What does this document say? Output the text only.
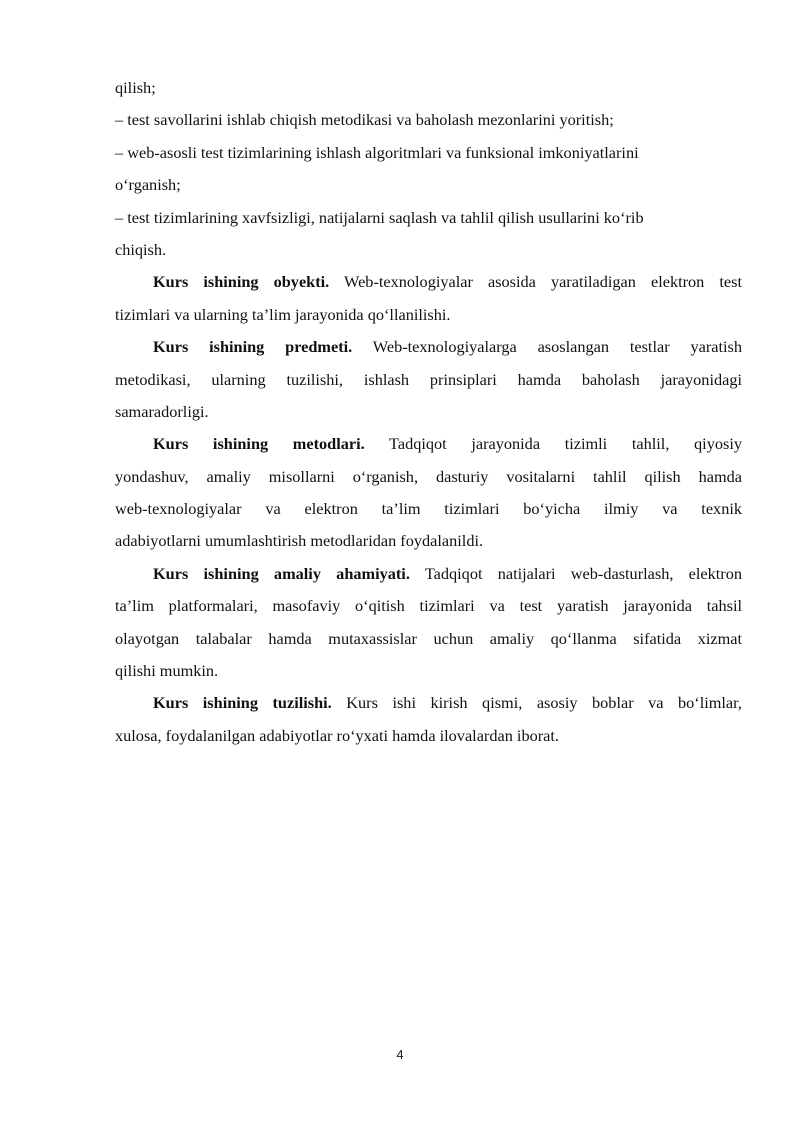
qilish;
– test savollarini ishlab chiqish metodikasi va baholash mezonlarini yoritish;
– web-asosli test tizimlarining ishlash algoritmlari va funksional imkoniyatlarini
o‘rganish;
– test tizimlarining xavfsizligi, natijalarni saqlash va tahlil qilish usullarini ko‘rib
chiqish.
Kurs ishining obyekti. Web-texnologiyalar asosida yaratiladigan elektron test
tizimlari va ularning ta’lim jarayonida qo‘llanilishi.
Kurs ishining predmeti. Web-texnologiyalarga asoslangan testlar yaratish
metodikasi, ularning tuzilishi, ishlash prinsiplari hamda baholash jarayonidagi
samaradorligi.
Kurs ishining metodlari. Tadqiqot jarayonida tizimli tahlil, qiyosiy
yondashuv, amaliy misollarni o‘rganish, dasturiy vositalarni tahlil qilish hamda
web-texnologiyalar va elektron ta’lim tizimlari bo‘yicha ilmiy va texnik
adabiyotlarni umumlashtirish metodlaridan foydalanildi.
Kurs ishining amaliy ahamiyati. Tadqiqot natijalari web-dasturlash, elektron
ta’lim platformalari, masofaviy o‘qitish tizimlari va test yaratish jarayonida tahsil
olayotgan talabalar hamda mutaxassislar uchun amaliy qo‘llanma sifatida xizmat
qilishi mumkin.
Kurs ishining tuzilishi. Kurs ishi kirish qismi, asosiy boblar va bo‘limlar,
xulosa, foydalanilgan adabiyotlar ro‘yxati hamda ilovalardan iborat.
4
